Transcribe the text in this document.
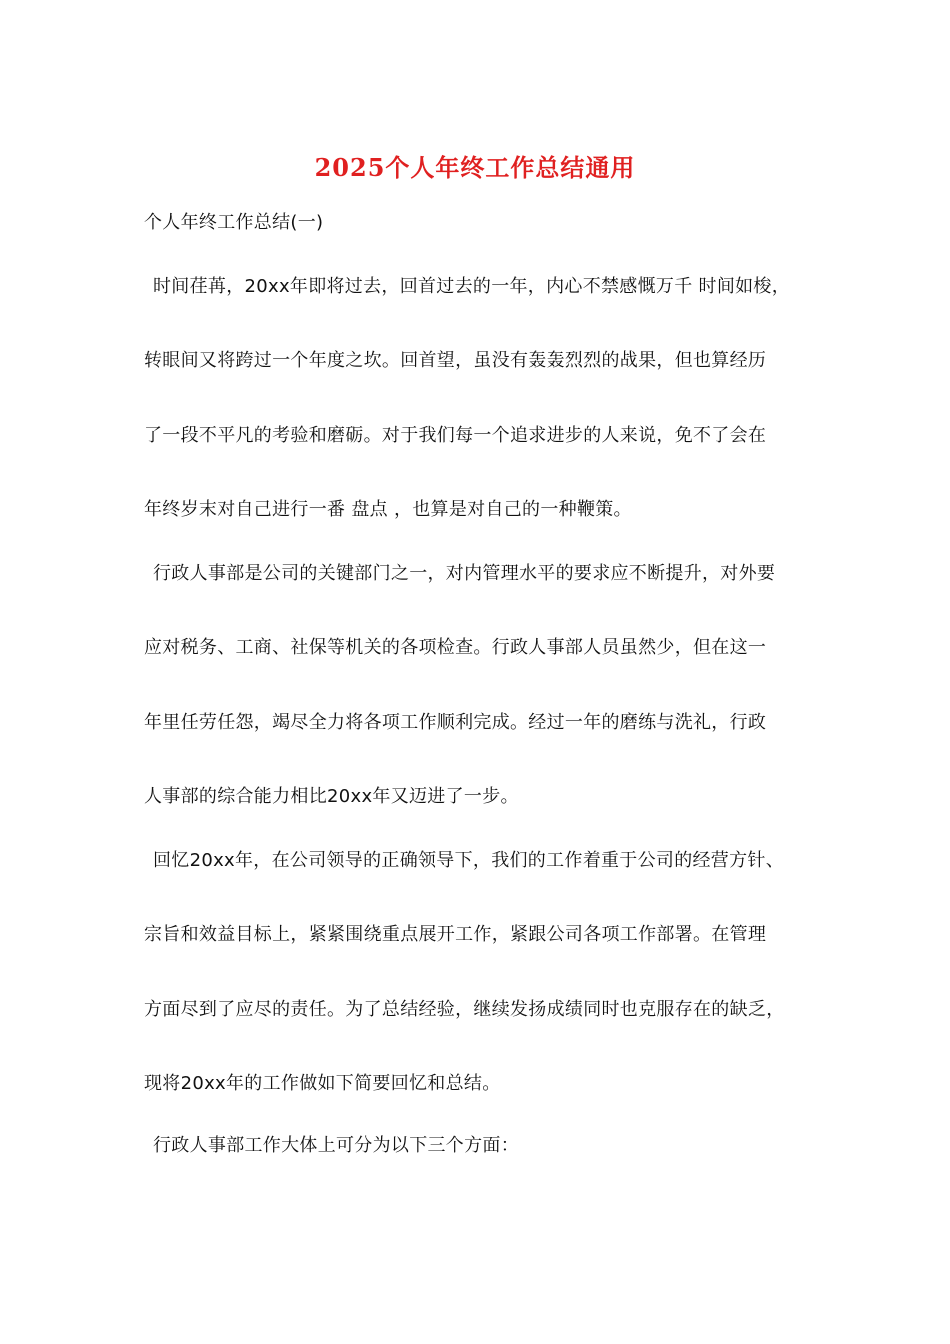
2025个人年终工作总结通用
个人年终工作总结(一)
时间荏苒，20xx年即将过去，回首过去的一年，内心不禁感慨万千 时间如梭，
转眼间又将跨过一个年度之坎。回首望，虽没有轰轰烈烈的战果，但也算经历
了一段不平凡的考验和磨砺。对于我们每一个追求进步的人来说，免不了会在
年终岁末对自己进行一番 盘点 ，也算是对自己的一种鞭策。
行政人事部是公司的关键部门之一，对内管理水平的要求应不断提升，对外要
应对税务、工商、社保等机关的各项检查。行政人事部人员虽然少，但在这一
年里任劳任怨，竭尽全力将各项工作顺利完成。经过一年的磨练与洗礼，行政
人事部的综合能力相比20xx年又迈进了一步。
回忆20xx年，在公司领导的正确领导下，我们的工作着重于公司的经营方针、
宗旨和效益目标上，紧紧围绕重点展开工作，紧跟公司各项工作部署。在管理
方面尽到了应尽的责任。为了总结经验，继续发扬成绩同时也克服存在的缺乏，
现将20xx年的工作做如下简要回忆和总结。
行政人事部工作大体上可分为以下三个方面：
